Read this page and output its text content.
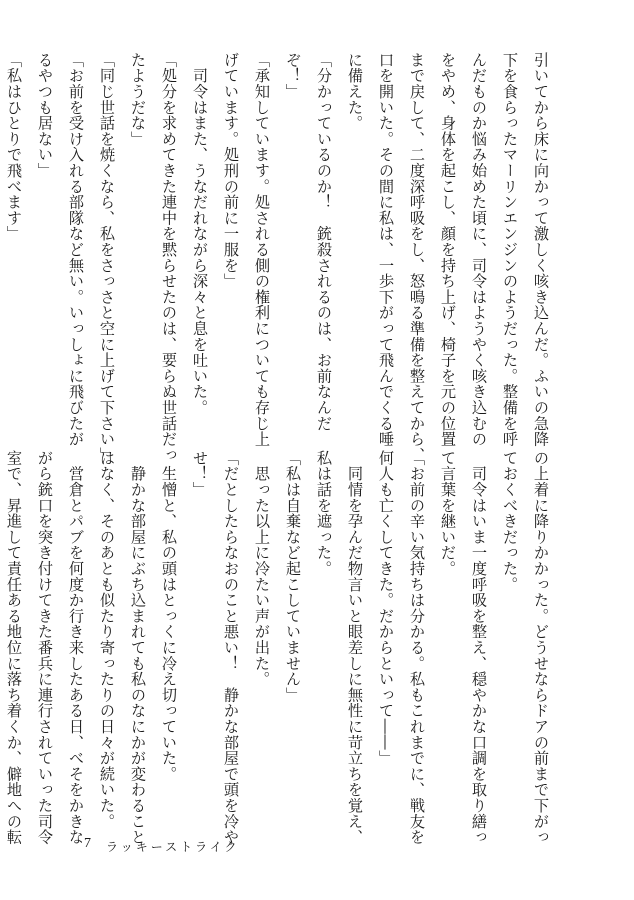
引いてから床に向かって激しく咳き込んだ。ふいの急降
下を食らったマーリンエンジンのようだった。整備を呼
んだものか悩み始めた頃に、司令はようやく咳き込むの
をやめ、身体を起こし、顔を持ち上げ、椅子を元の位置
まで戻して、二度深呼吸をし、怒鳴る準備を整えてから、
口を開いた。その間に私は、一歩下がって飛んでくる唾
に備えた。
「分かっているのか！　銃殺されるのは、お前なんだ
ぞ！」
「承知しています。処される側の権利についても存じ上
げています。処刑の前に一服を」
　司令はまた、うなだれながら深々と息を吐いた。
「処分を求めてきた連中を黙らせたのは、要らぬ世話だっ
たようだな」
「同じ世話を焼くなら、私をさっさと空に上げて下さい」
「お前を受け入れる部隊など無い。いっしょに飛びたが
るやつも居ない」
「私はひとりで飛べます」
の上着に降りかかった。どうせならドアの前まで下がっ
ておくべきだった。
　司令はいま一度呼吸を整え、穏やかな口調を取り繕っ
て言葉を継いだ。
「お前の辛い気持ちは分かる。私もこれまでに、戦友を
何人も亡くしてきた。だからといって――」
　同情を孕んだ物言いと眼差しに無性に苛立ちを覚え、
私は話を遮った。
「私は自棄など起こしていません」
　思った以上に冷たい声が出た。
「だとしたらなおのこと悪い！　静かな部屋で頭を冷や
せ！」
　生憎と、私の頭はとっくに冷え切っていた。
　静かな部屋にぶち込まれても私のなにかが変わること
はなく、そのあとも似たり寄ったりの日々が続いた。
　営倉とパブを何度か行き来したある日、べそをかきな
がら銃口を突き付けてきた番兵に連行されていった司令
室で、昇進して責任ある地位に落ち着くか、僻地への転	7 ラッキーストライク
